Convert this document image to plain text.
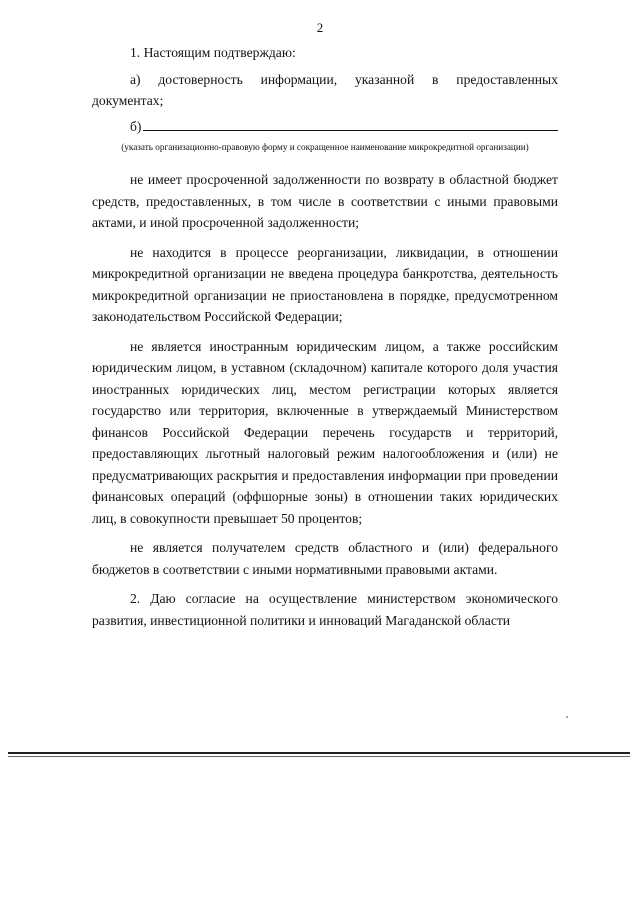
2

1. Настоящим подтверждаю:

а) достоверность информации, указанной в предоставленных документах;

б)
(указать организационно-правовую форму и сокращенное наименование микрокредитной организации)

не имеет просроченной задолженности по возврату в областной бюджет средств, предоставленных, в том числе в соответствии с иными правовыми актами, и иной просроченной задолженности;

не находится в процессе реорганизации, ликвидации, в отношении микрокредитной организации не введена процедура банкротства, деятельность микрокредитной организации не приостановлена в порядке, предусмотренном законодательством Российской Федерации;

не является иностранным юридическим лицом, а также российским юридическим лицом, в уставном (складочном) капитале которого доля участия иностранных юридических лиц, местом регистрации которых является государство или территория, включенные в утверждаемый Министерством финансов Российской Федерации перечень государств и территорий, предоставляющих льготный налоговый режим налогообложения и (или) не предусматривающих раскрытия и предоставления информации при проведении финансовых операций (оффшорные зоны) в отношении таких юридических лиц, в совокупности превышает 50 процентов;

не является получателем средств областного и (или) федерального бюджетов в соответствии с иными нормативными правовыми актами.

2. Даю согласие на осуществление министерством экономического развития, инвестиционной политики и инноваций Магаданской области
